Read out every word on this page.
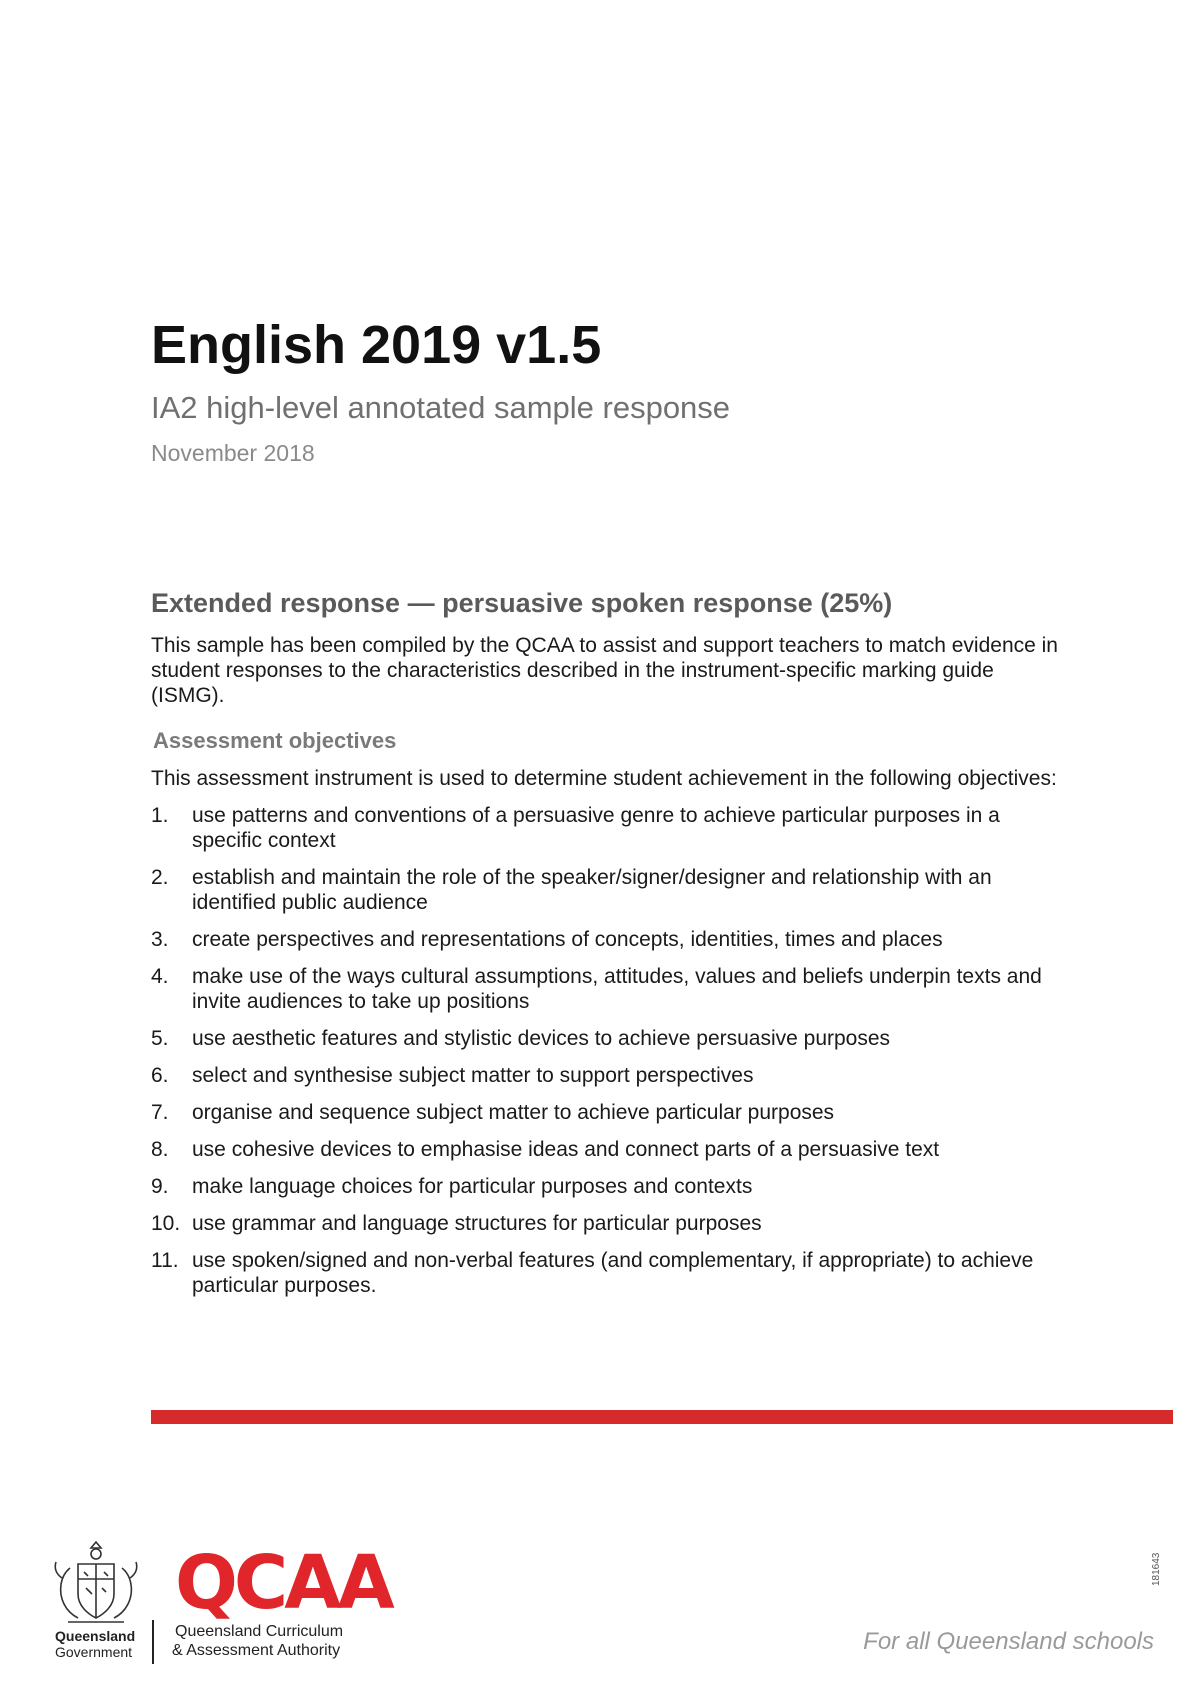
English 2019 v1.5

IA2 high-level annotated sample response

November 2018

Extended response — persuasive spoken response (25%)

This sample has been compiled by the QCAA to assist and support teachers to match evidence in student responses to the characteristics described in the instrument-specific marking guide (ISMG).

Assessment objectives

This assessment instrument is used to determine student achievement in the following objectives:

1.	use patterns and conventions of a persuasive genre to achieve particular purposes in a specific context
2.	establish and maintain the role of the speaker/signer/designer and relationship with an identified public audience
3.	create perspectives and representations of concepts, identities, times and places
4.	make use of the ways cultural assumptions, attitudes, values and beliefs underpin texts and invite audiences to take up positions
5.	use aesthetic features and stylistic devices to achieve persuasive purposes
6.	select and synthesise subject matter to support perspectives
7.	organise and sequence subject matter to achieve particular purposes
8.	use cohesive devices to emphasise ideas and connect parts of a persuasive text
9.	make language choices for particular purposes and contexts
10. use grammar and language structures for particular purposes
11. use spoken/signed and non-verbal features (and complementary, if appropriate) to achieve particular purposes.

Queensland

Government

QCAA

Queensland Curriculum

& Assessment Authority	For all Queensland schools

181643
